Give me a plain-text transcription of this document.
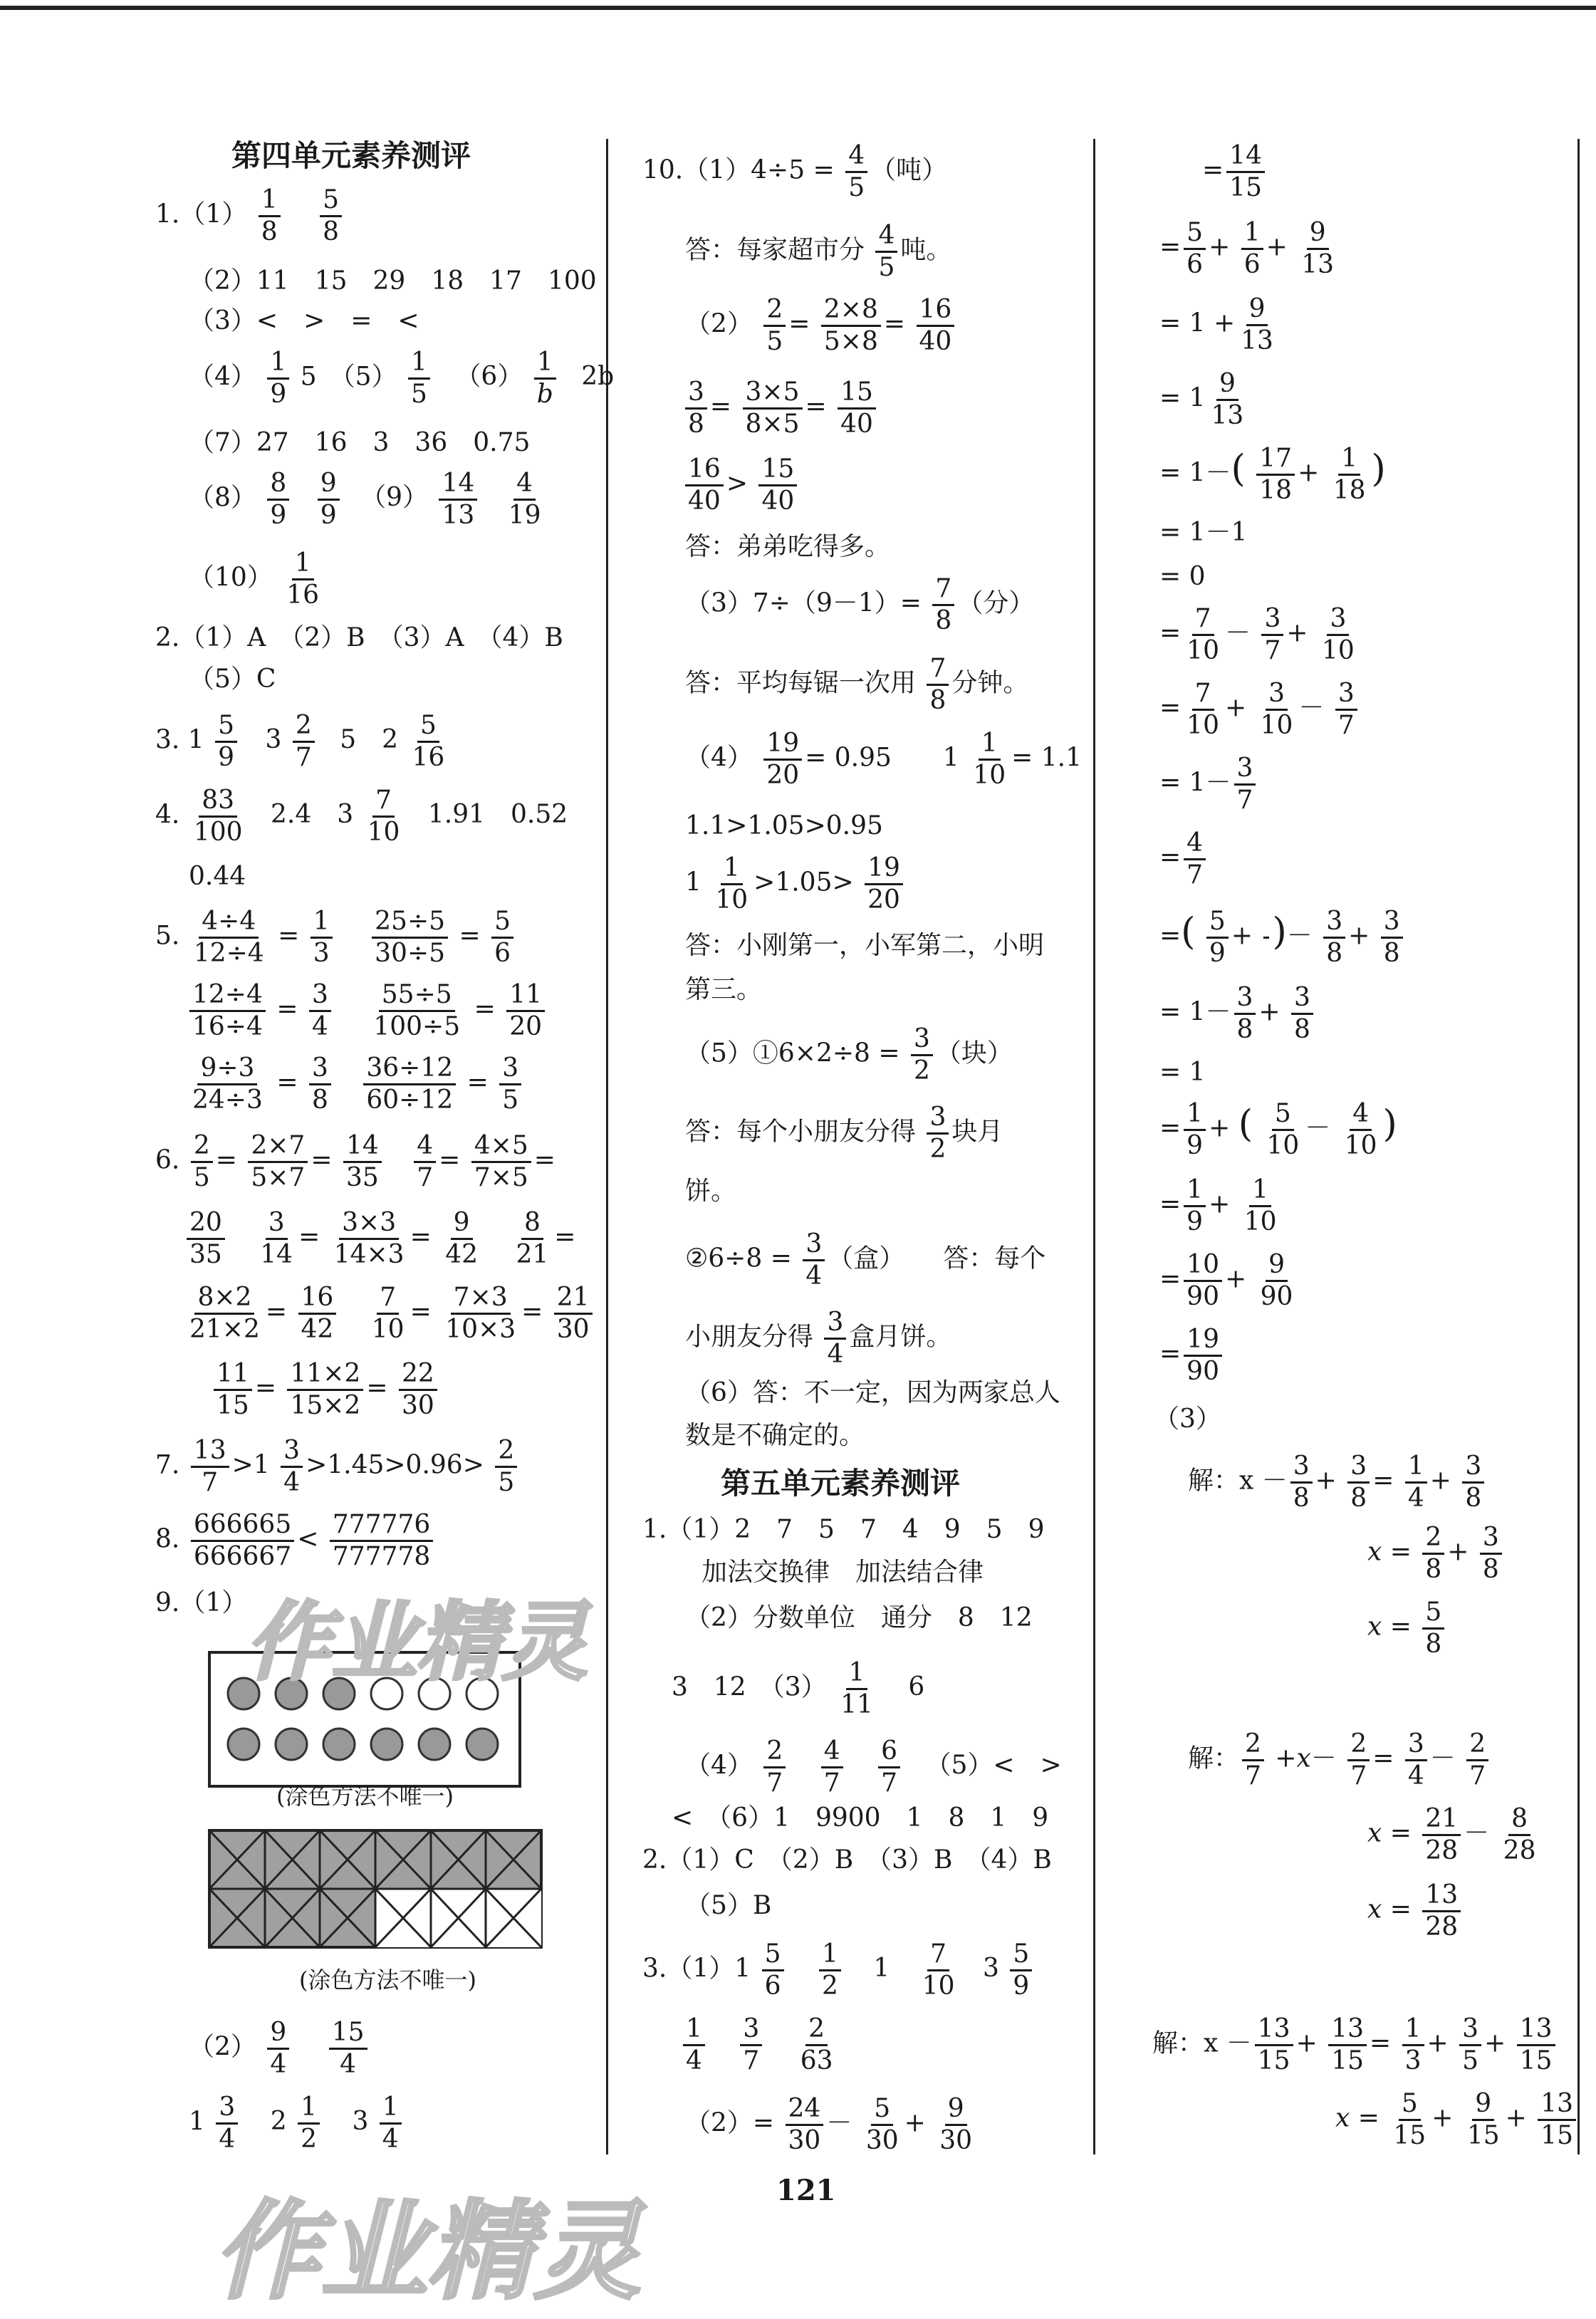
第四单元素养测评
$1.(1) \frac{1}{8}$
$\frac{5}{8}$
（2）11　15　29　18　17　100
（3）<　>　=　<
$(4) \frac{1}{9} 5$　$(5) \frac{1}{5} (6) \frac{1}{b} 2b$
（7）27　16　3　36　0.75
$(8) \frac{8}{9}$
$\frac{9}{9} (9) \frac{14}{13}$
$\frac{4}{19}$
$(10) \frac{1}{16}$
2.（1）A　（2）B　（3）A　（4）B
（5）C
3. $1 \frac{5}{9} 3 \frac{2}{7} 5$　$2 \frac{5}{16}$
4. $\frac{83}{100} 2.4$　$3 \frac{7}{10} 1.91$　0.52
0.44
5. $\frac{4\div 4}{12\div 4} = \frac{1}{3}$
$\frac{25\div 5}{30\div 5} = \frac{5}{6}$
$\frac{12\div 4}{16\div 4} = \frac{3}{4}$
$\frac{55\div 5}{100\div 5} = \frac{11}{20}$
$\frac{9\div 3}{24\div 3} = \frac{3}{8}$
$\frac{36\div 12}{60\div 12} = \frac{3}{5}$
6. $\frac{2}{5} = \frac{2\times 7}{5\times 7} = \frac{14}{35}$
$\frac{4}{7} = \frac{4\times 5}{7\times 5}$ =
$\frac{20}{35}$
$\frac{3}{14} = \frac{3\times 3}{14\times 3} = \frac{9}{42}$
$\frac{8}{21}$ =
$\frac{8\times 2}{21\times 2} = \frac{16}{42}$
$\frac{7}{10} = \frac{7\times 3}{10\times 3} = \frac{21}{30}$
$\frac{11}{15} = \frac{11\times 2}{15\times 2} = \frac{22}{30}$
7. $\frac{13}{7} >1 \frac{3}{4} >1.45>0.96> \frac{2}{5}$
8. $\frac{666665}{666667} < \frac{777776}{777778}$
9.（1）
(涂色方法不唯一)
(涂色方法不唯一)
$(2) \frac{9}{4}$
$\frac{15}{4}$
$1 \frac{3}{4} 2 \frac{1}{2} 3 \frac{1}{4}$
$10.(1)4\div 5 = \frac{4}{5}$ （吨）
答：每家超市分 $\frac{4}{5}$ 吨。
$(2) \frac{2}{5} = \frac{2\times 8}{5\times 8} = \frac{16}{40}$
$\frac{3}{8} = \frac{3\times 5}{8\times 5} = \frac{15}{40}$
$\frac{16}{40} > \frac{15}{40}$
答：弟弟吃得多。
$(3)7\div(9-1)= \frac{7}{8}$ （分）
答：平均每锯一次用 $\frac{7}{8}$ 分钟。
$(4) \frac{19}{20} = 0.95$　　$1 \frac{1}{10} = 1.1$
1.1>1.05>0.95
$1 \frac{1}{10} >1.05> \frac{19}{20}$
答：小刚第一，小军第二，小明
第三。
（5）①6×2÷8 = $\frac{3}{2}$ （块）
答：每个小朋友分得 $\frac{3}{2}$ 块月
饼。
②6÷8 = $\frac{3}{4}$ （盒）　　答：每个
小朋友分得 $\frac{3}{4}$ 盒月饼。
（6）答：不一定，因为两家总人
数是不确定的。
第五单元素养测评
1.（1）2　7　5　7　4　9　5　9
加法交换律　加法结合律
（2）分数单位　通分　8　12
3　12　$(3) \frac{1}{11} 6$
$(4) \frac{2}{7}$
$\frac{4}{7}$
$\frac{6}{7} (5)<$　>
<　（6）1　9900　1　8　1　9
2.（1）C　（2）B　（3）B　（4）B
（5）B
$3.(1)1 \frac{5}{6}$
$\frac{1}{2} 1 \frac{7}{10} 3 \frac{5}{9}$
$\frac{1}{4}$
$\frac{3}{7}$
$\frac{2}{63}$
$(2)= \frac{24}{30} - \frac{5}{30} + \frac{9}{30}$
= $\frac{14}{15}$
= $\frac{5}{6} + \frac{1}{6} + \frac{9}{13}$
= $1 + \frac{9}{13}$
= $1 \frac{9}{13}$
= $1-( \frac{17}{18} + \frac{1}{18}$ )
= 1－1
= 0
= $\frac{7}{10} - \frac{3}{7} + \frac{3}{10}$
= $\frac{7}{10} + \frac{3}{10} - \frac{3}{7}$
= $1- \frac{3}{7}$
= $\frac{4}{7}$
=( $\frac{5}{9}$ + )－ $\frac{3}{8} + \frac{3}{8}$
= $1- \frac{3}{8} + \frac{3}{8}$
= 1
= $\frac{1}{9}$ + ( $\frac{5}{10} - \frac{4}{10}$ )
= $\frac{1}{9} + \frac{1}{10}$
= $\frac{10}{90} + \frac{9}{90}$
= $\frac{19}{90}$
（3）
解：$x - \frac{3}{8} + \frac{3}{8} = \frac{1}{4} + \frac{3}{8}$
$x = \frac{2}{8} + \frac{3}{8}$
$x = \frac{5}{8}$
解： $\frac{2}{7} +x- \frac{2}{7} = \frac{3}{4} - \frac{2}{7}$
$x = \frac{21}{28} - \frac{8}{28}$
$x = \frac{13}{28}$
解：$x - \frac{13}{15} + \frac{13}{15} = \frac{1}{3} + \frac{3}{5} + \frac{13}{15}$
$x = \frac{5}{15} + \frac{9}{15} + \frac{13}{15}$
作业精灵
作业精灵	121
